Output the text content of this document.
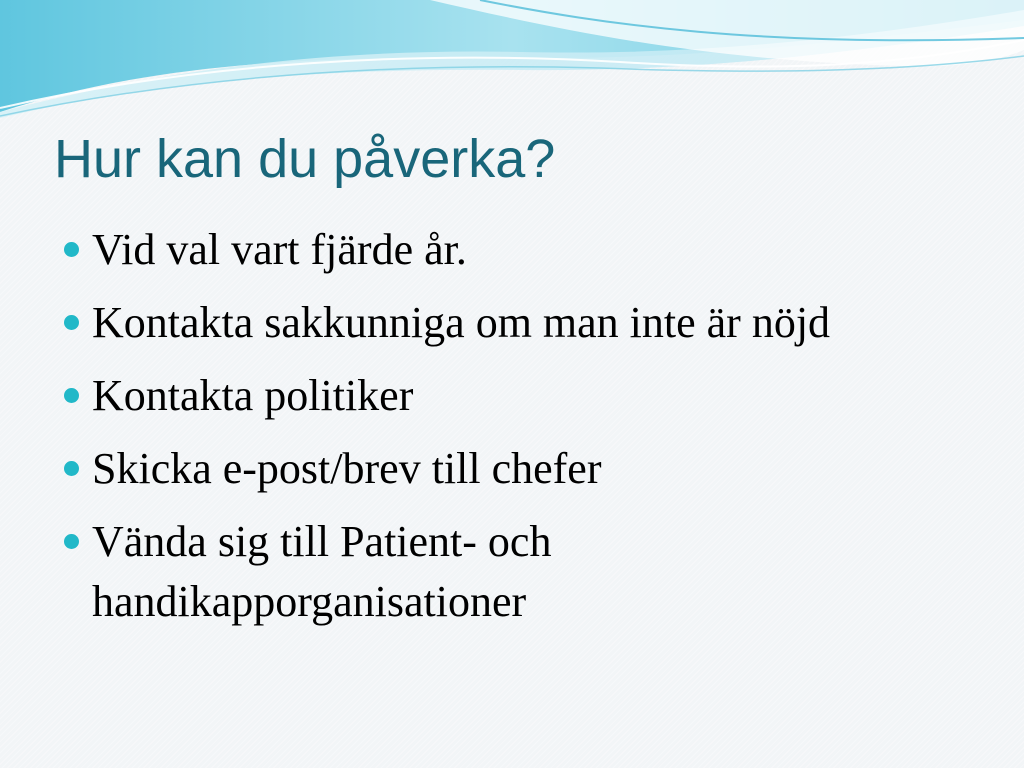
Hur kan du påverka?
Vid val vart fjärde år.
Kontakta sakkunniga om man inte är nöjd
Kontakta politiker
Skicka e-post/brev till chefer
Vända sig till Patient- och handikapporganisationer
